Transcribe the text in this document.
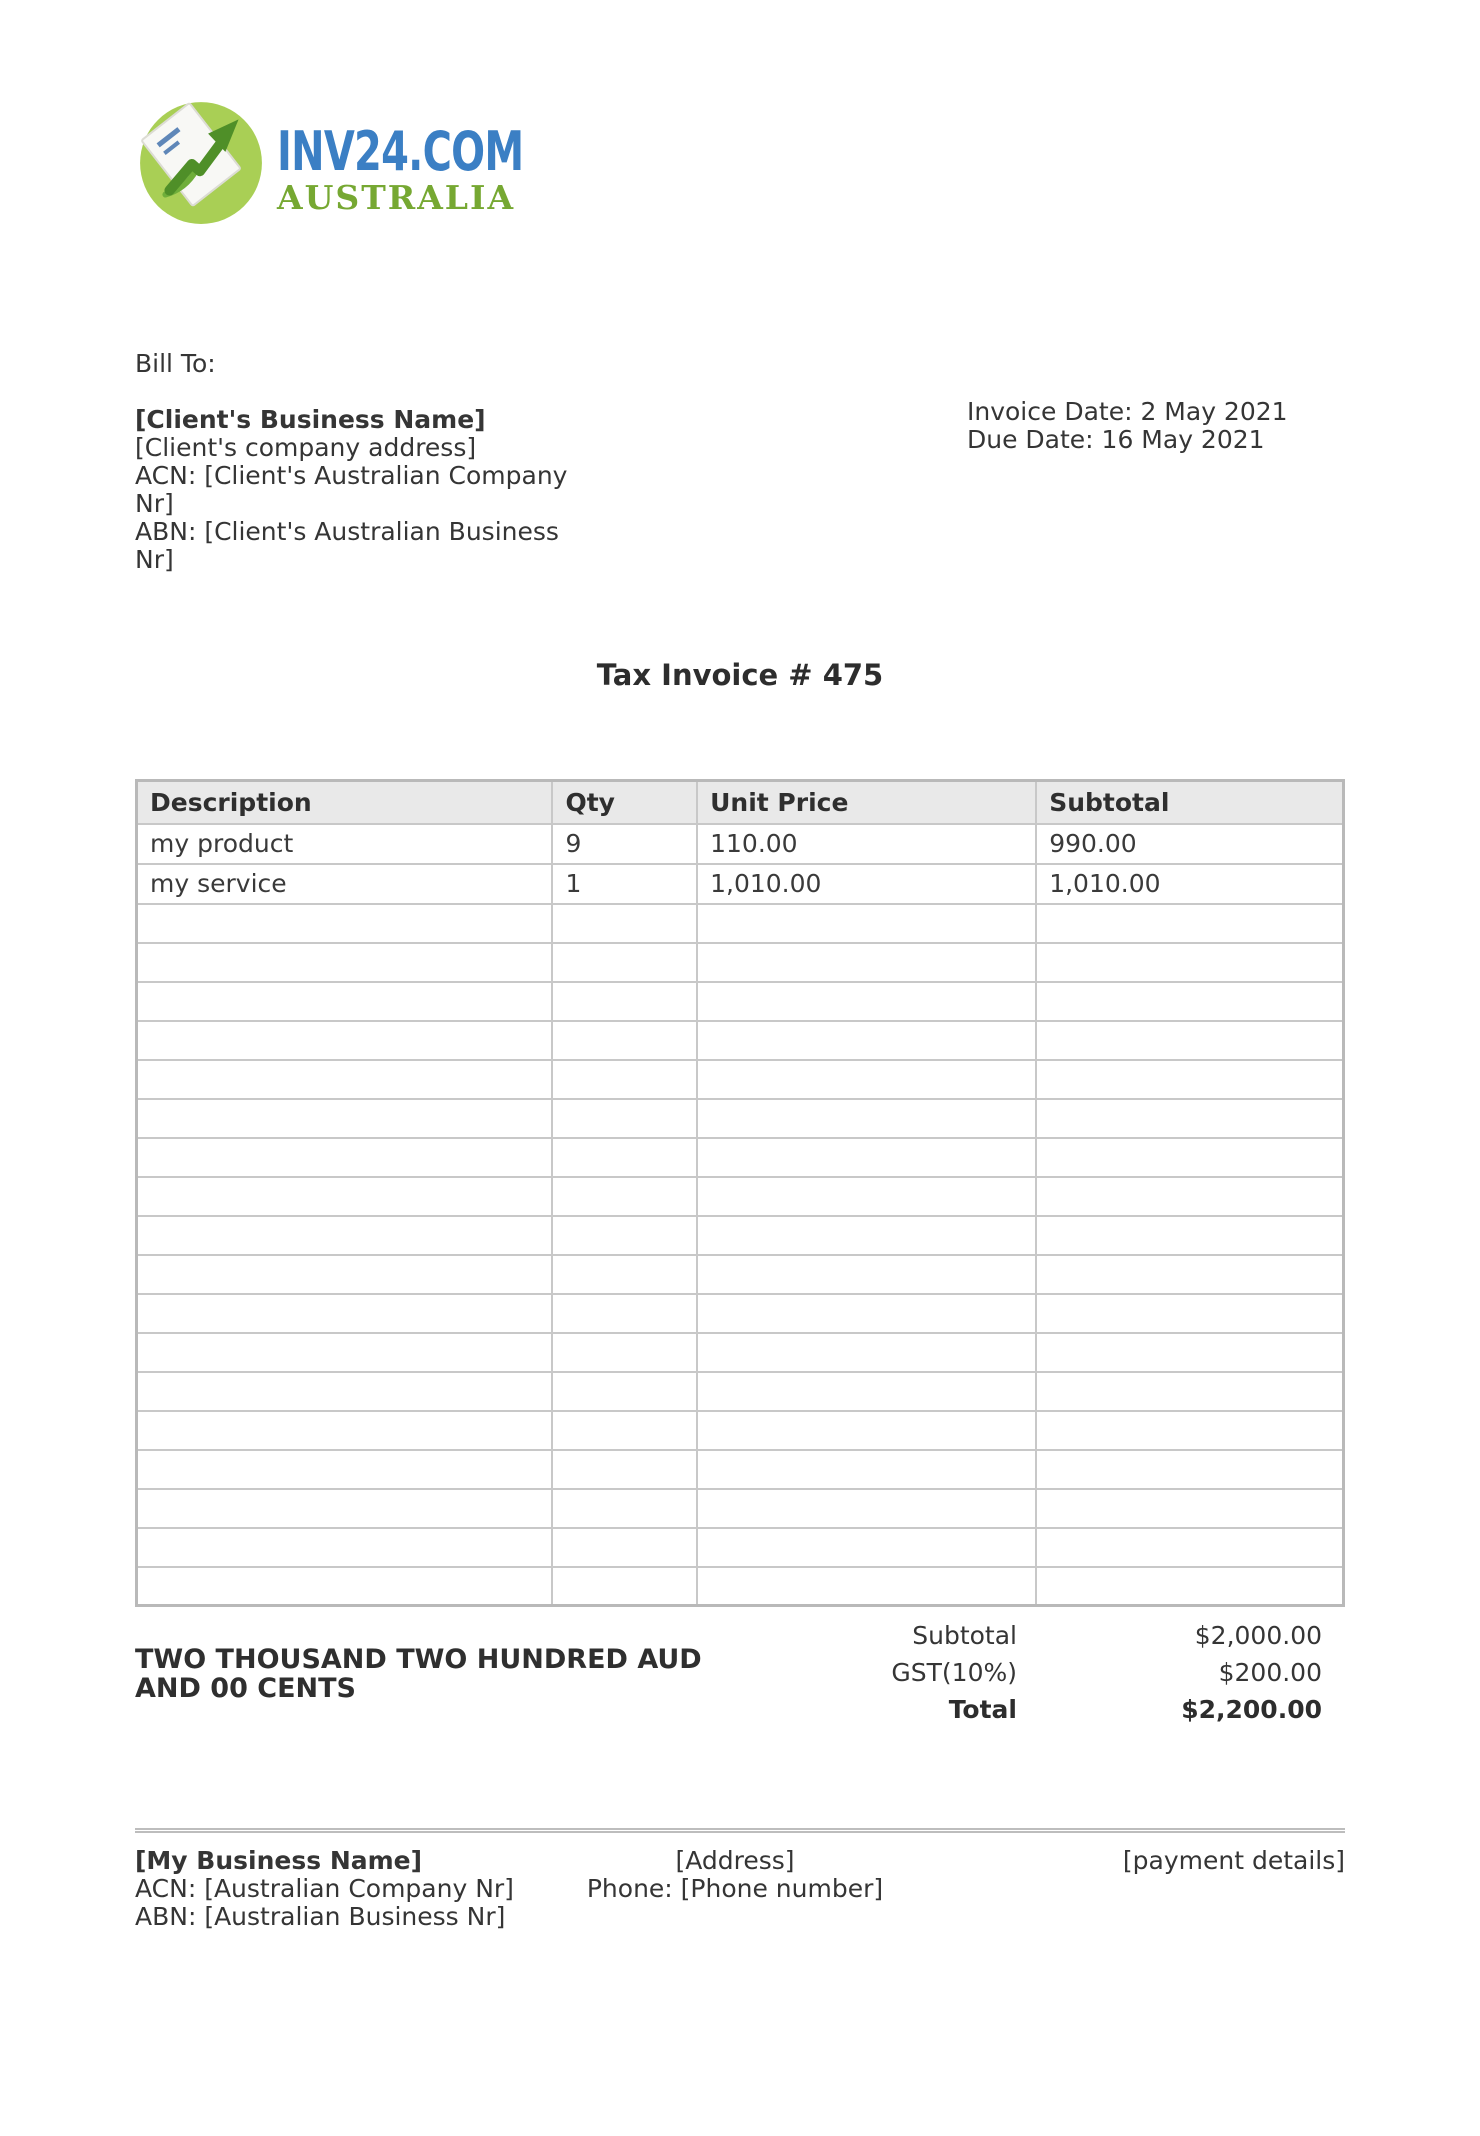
INV24.COM
AUSTRALIA
Bill To:
[Client's Business Name]
[Client's company address]
ACN: [Client's Australian Company Nr]
ABN: [Client's Australian Business Nr]
Invoice Date: 2 May 2021
Due Date: 16 May 2021
Tax Invoice # 475
Description	Qty	Unit Price	Subtotal
my product	9	110.00	990.00
my service	1	1,010.00	1,010.00

TWO THOUSAND TWO HUNDRED AUD AND 00 CENTS
Subtotal	$2,000.00
GST(10%)	$200.00
Total	$2,200.00
[My Business Name]
ACN: [Australian Company Nr]
ABN: [Australian Business Nr]
[Address]
Phone: [Phone number]
[payment details]
